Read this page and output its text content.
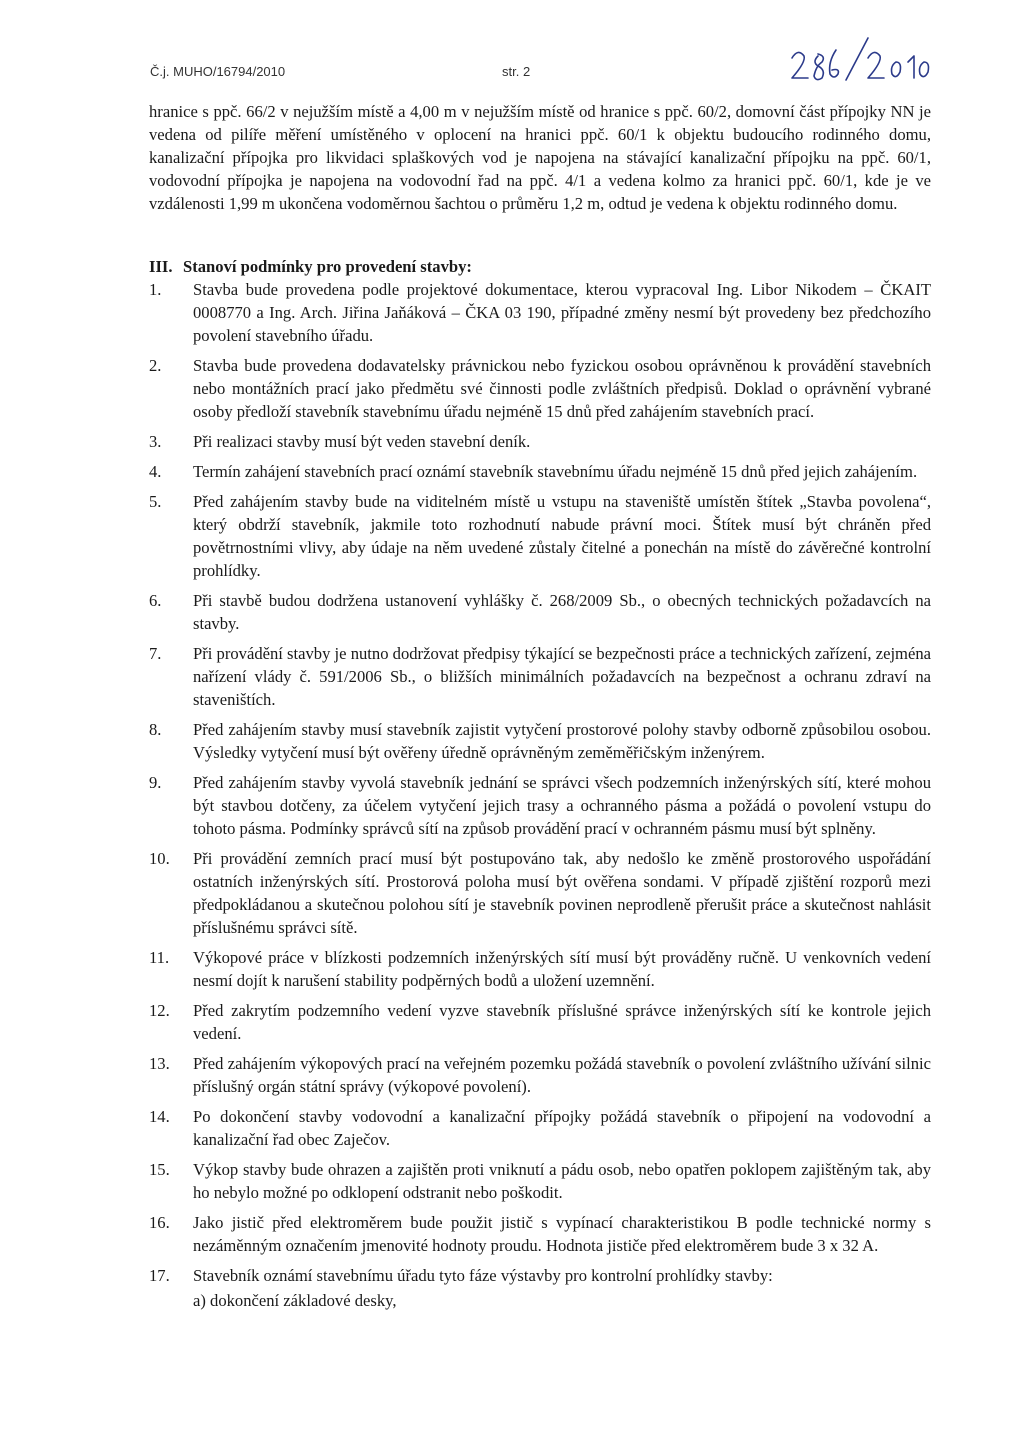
Č.j. MUHO/16794/2010	str. 2

hranice s ppč. 66/2 v nejužším místě a 4,00 m v nejužším místě od hranice s ppč. 60/2, domovní část přípojky NN je vedena od pilíře měření umístěného v oplocení na hranici ppč. 60/1 k objektu budoucího rodinného domu, kanalizační přípojka pro likvidaci splaškových vod je napojena na stávající kanalizační přípojku na ppč. 60/1, vodovodní přípojka je napojena na vodovodní řad na ppč. 4/1 a vedena kolmo za hranici ppč. 60/1, kde je ve vzdálenosti 1,99 m ukončena vodoměrnou šachtou o průměru 1,2 m, odtud je vedena k objektu rodinného domu.

III. Stanoví podmínky pro provedení stavby:
1.	Stavba bude provedena podle projektové dokumentace, kterou vypracoval Ing. Libor Nikodem – ČKAIT 0008770 a Ing. Arch. Jiřina Jaňáková – ČKA 03 190, případné změny nesmí být provedeny bez předchozího povolení stavebního úřadu.
2.	Stavba bude provedena dodavatelsky právnickou nebo fyzickou osobou oprávněnou k provádění stavebních nebo montážních prací jako předmětu své činnosti podle zvláštních předpisů. Doklad o oprávnění vybrané osoby předloží stavebník stavebnímu úřadu nejméně 15 dnů před zahájením stavebních prací.
3.	Při realizaci stavby musí být veden stavební deník.
4.	Termín zahájení stavebních prací oznámí stavebník stavebnímu úřadu nejméně 15 dnů před jejich zahájením.
5.	Před zahájením stavby bude na viditelném místě u vstupu na staveniště umístěn štítek „Stavba povolena“, který obdrží stavebník, jakmile toto rozhodnutí nabude právní moci. Štítek musí být chráněn před povětrnostními vlivy, aby údaje na něm uvedené zůstaly čitelné a ponechán na místě do závěrečné kontrolní prohlídky.
6.	Při stavbě budou dodržena ustanovení vyhlášky č. 268/2009 Sb., o obecných technických požadavcích na stavby.
7.	Při provádění stavby je nutno dodržovat předpisy týkající se bezpečnosti práce a technických zařízení, zejména nařízení vlády č. 591/2006 Sb., o bližších minimálních požadavcích na bezpečnost a ochranu zdraví na staveništích.
8.	Před zahájením stavby musí stavebník zajistit vytyčení prostorové polohy stavby odborně způsobilou osobou. Výsledky vytyčení musí být ověřeny úředně oprávněným zeměměřičským inženýrem.
9.	Před zahájením stavby vyvolá stavebník jednání se správci všech podzemních inženýrských sítí, které mohou být stavbou dotčeny, za účelem vytyčení jejich trasy a ochranného pásma a požádá o povolení vstupu do tohoto pásma. Podmínky správců sítí na způsob provádění prací v ochranném pásmu musí být splněny.
10.	Při provádění zemních prací musí být postupováno tak, aby nedošlo ke změně prostorového uspořádání ostatních inženýrských sítí. Prostorová poloha musí být ověřena sondami. V případě zjištění rozporů mezi předpokládanou a skutečnou polohou sítí je stavebník povinen neprodleně přerušit práce a skutečnost nahlásit příslušnému správci sítě.
11.	Výkopové práce v blízkosti podzemních inženýrských sítí musí být prováděny ručně. U venkovních vedení nesmí dojít k narušení stability podpěrných bodů a uložení uzemnění.
12.	Před zakrytím podzemního vedení vyzve stavebník příslušné správce inženýrských sítí ke kontrole jejich vedení.
13.	Před zahájením výkopových prací na veřejném pozemku požádá stavebník o povolení zvláštního užívání silnic příslušný orgán státní správy (výkopové povolení).
14.	Po dokončení stavby vodovodní a kanalizační přípojky požádá stavebník o připojení na vodovodní a kanalizační řad obec Zaječov.
15.	Výkop stavby bude ohrazen a zajištěn proti vniknutí a pádu osob, nebo opatřen poklopem zajištěným tak, aby ho nebylo možné po odklopení odstranit nebo poškodit.
16.	Jako jistič před elektroměrem bude použit jistič s vypínací charakteristikou B podle technické normy s nezáměnným označením jmenovité hodnoty proudu. Hodnota jističe před elektroměrem bude 3 x 32 A.
17.	Stavebník oznámí stavebnímu úřadu tyto fáze výstavby pro kontrolní prohlídky stavby:
a) dokončení základové desky,
